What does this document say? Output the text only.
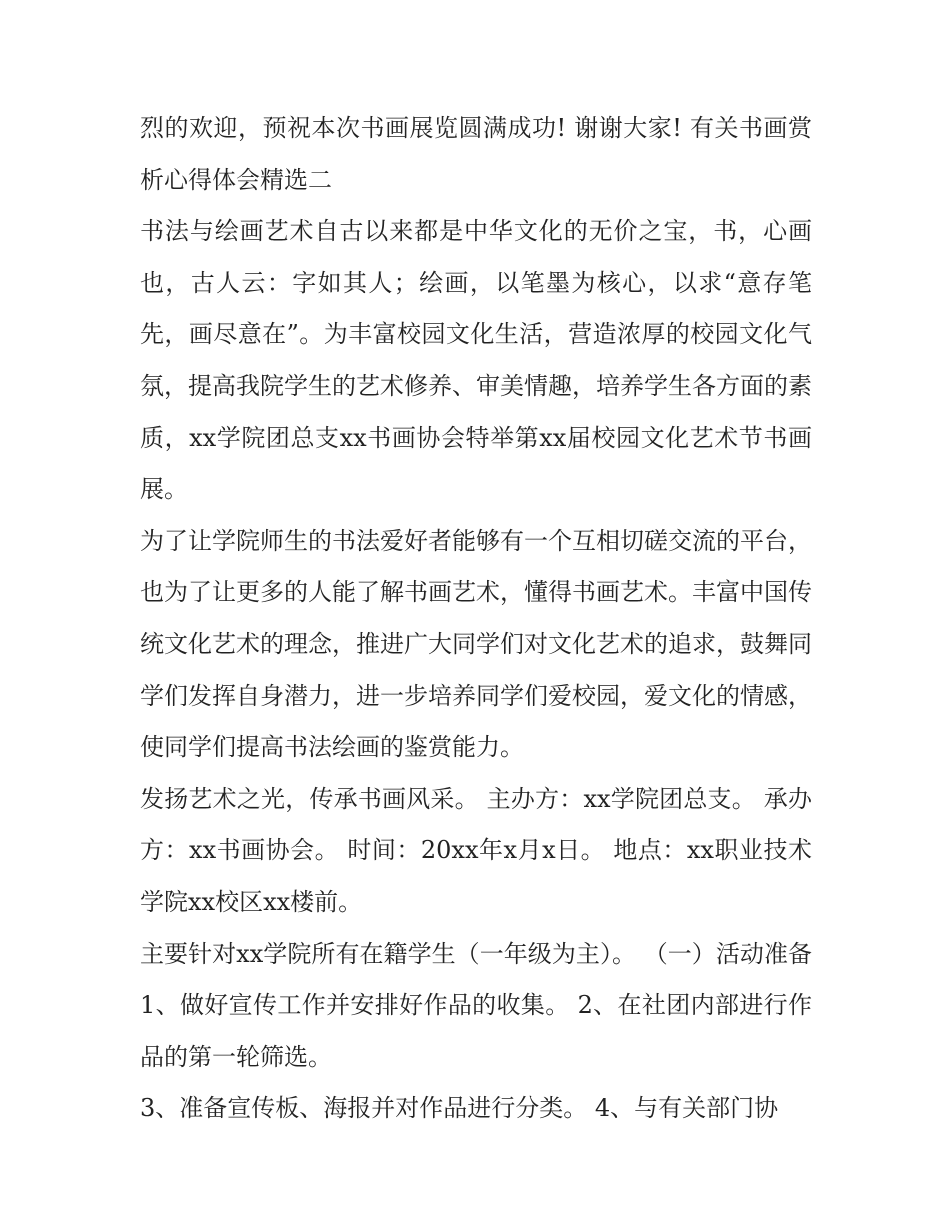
烈的欢迎，预祝本次书画展览圆满成功! 谢谢大家! 有关书画赏析心得体会精选二

书法与绘画艺术自古以来都是中华文化的无价之宝，书，心画也，古人云：字如其人；绘画，以笔墨为核心，以求“意存笔先，画尽意在”。为丰富校园文化生活，营造浓厚的校园文化气氛，提高我院学生的艺术修养、审美情趣，培养学生各方面的素质，xx学院团总支xx书画协会特举第xx届校园文化艺术节书画展。

为了让学院师生的书法爱好者能够有一个互相切磋交流的平台，也为了让更多的人能了解书画艺术，懂得书画艺术。丰富中国传统文化艺术的理念，推进广大同学们对文化艺术的追求，鼓舞同学们发挥自身潜力，进一步培养同学们爱校园，爱文化的情感，使同学们提高书法绘画的鉴赏能力。

发扬艺术之光，传承书画风采。 主办方：xx学院团总支。 承办方：xx书画协会。 时间：20xx年x月x日。 地点：xx职业技术学院xx校区xx楼前。

主要针对xx学院所有在籍学生（一年级为主）。 （一）活动准备1、做好宣传工作并安排好作品的收集。 2、在社团内部进行作品的第一轮筛选。

3、准备宣传板、海报并对作品进行分类。 4、与有关部门协
